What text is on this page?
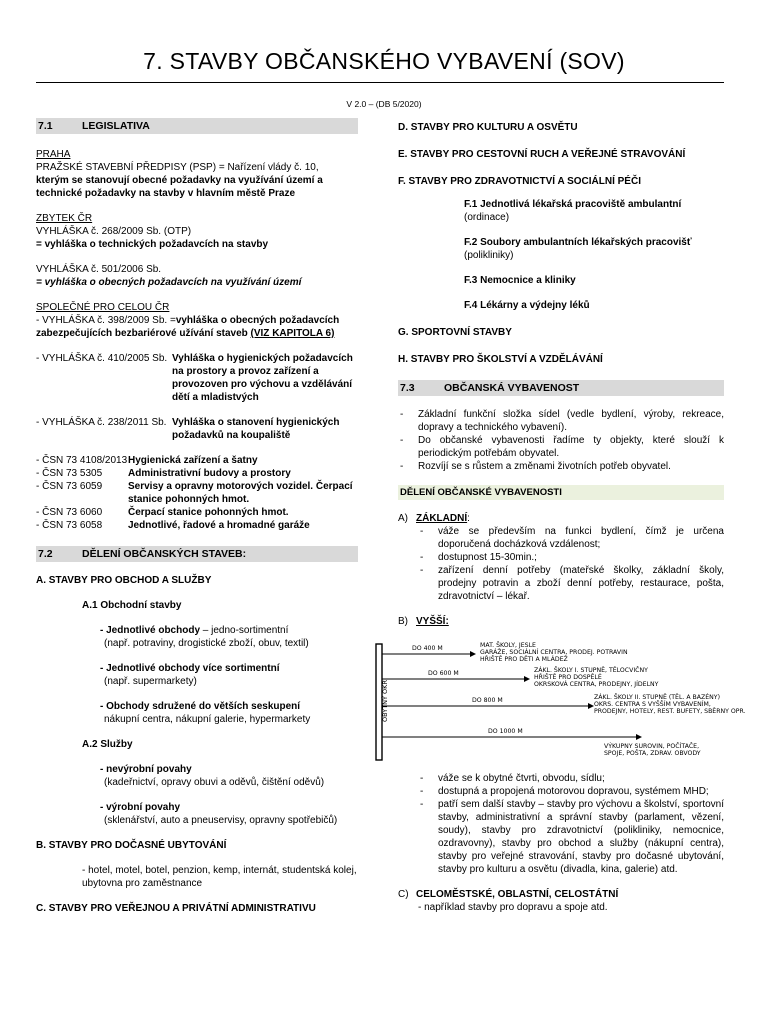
7. STAVBY OBČANSKÉHO VYBAVENÍ (SOV)
V 2.0 – (DB 5/2020)
7.1	LEGISLATIVA

PRAHA

PRAŽSKÉ STAVEBNÍ PŘEDPISY (PSP) = Nařízení vlády č. 10,

kterým se stanovují obecné požadavky na využívání území a

technické požadavky na stavby v hlavním městě Praze

ZBYTEK ČR

VYHLÁŠKA č. 268/2009 Sb. (OTP)

= vyhláška o technických požadavcích na stavby

VYHLÁŠKA č. 501/2006 Sb.

= vyhláška o obecných požadavcích na využívání území

SPOLEČNÉ PRO CELOU ČR

- VYHLÁŠKA č. 398/2009 Sb. =vyhláška o obecných požadavcích

zabezpečujících bezbariérové užívání staveb (VIZ KAPITOLA 6)

- VYHLÁŠKA č. 410/2005 Sb. Vyhláška o hygienických požadavcích na prostory a provoz zařízení a provozoven pro výchovu a vzdělávání dětí a mladistvých
- VYHLÁŠKA č. 238/2011 Sb. Vyhláška o stanovení hygienických požadavků na koupaliště
- ČSN 73 4108/2013 Hygienická zařízení a šatny
- ČSN 73 5305	Administrativní budovy a prostory
- ČSN 73 6059	Servisy a opravny motorových vozidel. Čerpací stanice pohonných hmot.
- ČSN 73 6060	Čerpací stanice pohonných hmot.
- ČSN 73 6058	Jednotlivé, řadové a hromadné garáže
7.2	DĚLENÍ OBČANSKÝCH STAVEB:

A. STAVBY PRO OBCHOD A SLUŽBY

A.1 Obchodní stavby

- Jednotlivé obchody – jedno-sortimentní

(např. potraviny, drogistické zboží, obuv, textil)

- Jednotlivé obchody více sortimentní

(např. supermarkety)

- Obchody sdružené do větších seskupení

nákupní centra, nákupní galerie, hypermarkety

A.2 Služby

- nevýrobní povahy

(kadeřnictví, opravy obuvi a oděvů, čištění oděvů)

- výrobní povahy

(sklenářství, auto a pneuservisy, opravny spotřebičů)

B. STAVBY PRO DOČASNÉ UBYTOVÁNÍ

- hotel, motel, botel, penzion, kemp, internát, studentská kolej, ubytovna pro zaměstnance

C. STAVBY PRO VEŘEJNOU A PRIVÁTNÍ ADMINISTRATIVU

D. STAVBY PRO KULTURU A OSVĚTU

E. STAVBY PRO CESTOVNÍ RUCH A VEŘEJNÉ STRAVOVÁNÍ

F. STAVBY PRO ZDRAVOTNICTVÍ A SOCIÁLNÍ PÉČI

F.1 Jednotlivá lékařská pracoviště ambulantní

(ordinace)

F.2 Soubory ambulantních lékařských pracovišť

(polikliniky)

F.3 Nemocnice a kliniky

F.4 Lékárny a výdejny léků

G. SPORTOVNÍ STAVBY

H. STAVBY PRO ŠKOLSTVÍ A VZDĚLÁVÁNÍ

7.3	OBČANSKÁ VYBAVENOST
- Základní funkční složka sídel (vedle bydlení, výroby, rekreace, dopravy a technického vybavení).
- Do občanské vybavenosti řadíme ty objekty, které slouží k periodickým potřebám obyvatel.
- Rozvíjí se s růstem a změnami životních potřeb obyvatel.
DĚLENÍ OBČANSKÉ VYBAVENOSTI

A) ZÁKLADNÍ:

- váže se především na funkci bydlení, čímž je určena doporučená docházková vzdálenost;
- dostupnost 15-30min.;
- zařízení denní potřeby (mateřské školky, základní školy, prodejny potravin a zboží denní potřeby, restaurace, pošta, zdravotnictví – lékař.

B) VYŠŠÍ:

OBYTNÝ OKR.
DO 400 M	MAT. ŠKOLY, JESLE
GARÁŽE, SOCIÁLNÍ CENTRA, PRODEJ. POTRAVIN
HŘIŠTĚ PRO DĚTI A MLÁDEŽ
DO 600 M	ZÁKL. ŠKOLY I. STUPNĚ, TĚLOCVIČNY
HŘIŠTĚ PRO DOSPĚLÉ
OKRSKOVÁ CENTRA, PRODEJNY, JÍDELNY
DO 800 M	ZÁKL. ŠKOLY II. STUPNĚ (TĚL. A BAZÉNY)
OKRS. CENTRA S VYŠŠÍM VYBAVENÍM,
PRODEJNY, HOTELY, REST. BUFETY, SBĚRNY OPR.
DO 1000 M
VÝKUPNY SUROVIN, POČÍTAČE,
SPOJE, POŠTA, ZDRAV. OBVODY
- váže se k obytné čtvrti, obvodu, sídlu;
- dostupná a propojená motorovou dopravou, systémem MHD;
- patří sem další stavby – stavby pro výchovu a školství, sportovní stavby, administrativní a správní stavby (parlament, vězení, soudy), stavby pro zdravotnictví (polikliniky, nemocnice, ozdravovny), stavby pro obchod a služby (nákupní centra), stavby pro veřejné stravování, stavby pro dočasné ubytování, stavby pro kulturu a osvětu (divadla, kina, galerie) atd.

C) CELOMĚSTSKÉ, OBLASTNÍ, CELOSTÁTNÍ

- například stavby pro dopravu a spoje atd.
